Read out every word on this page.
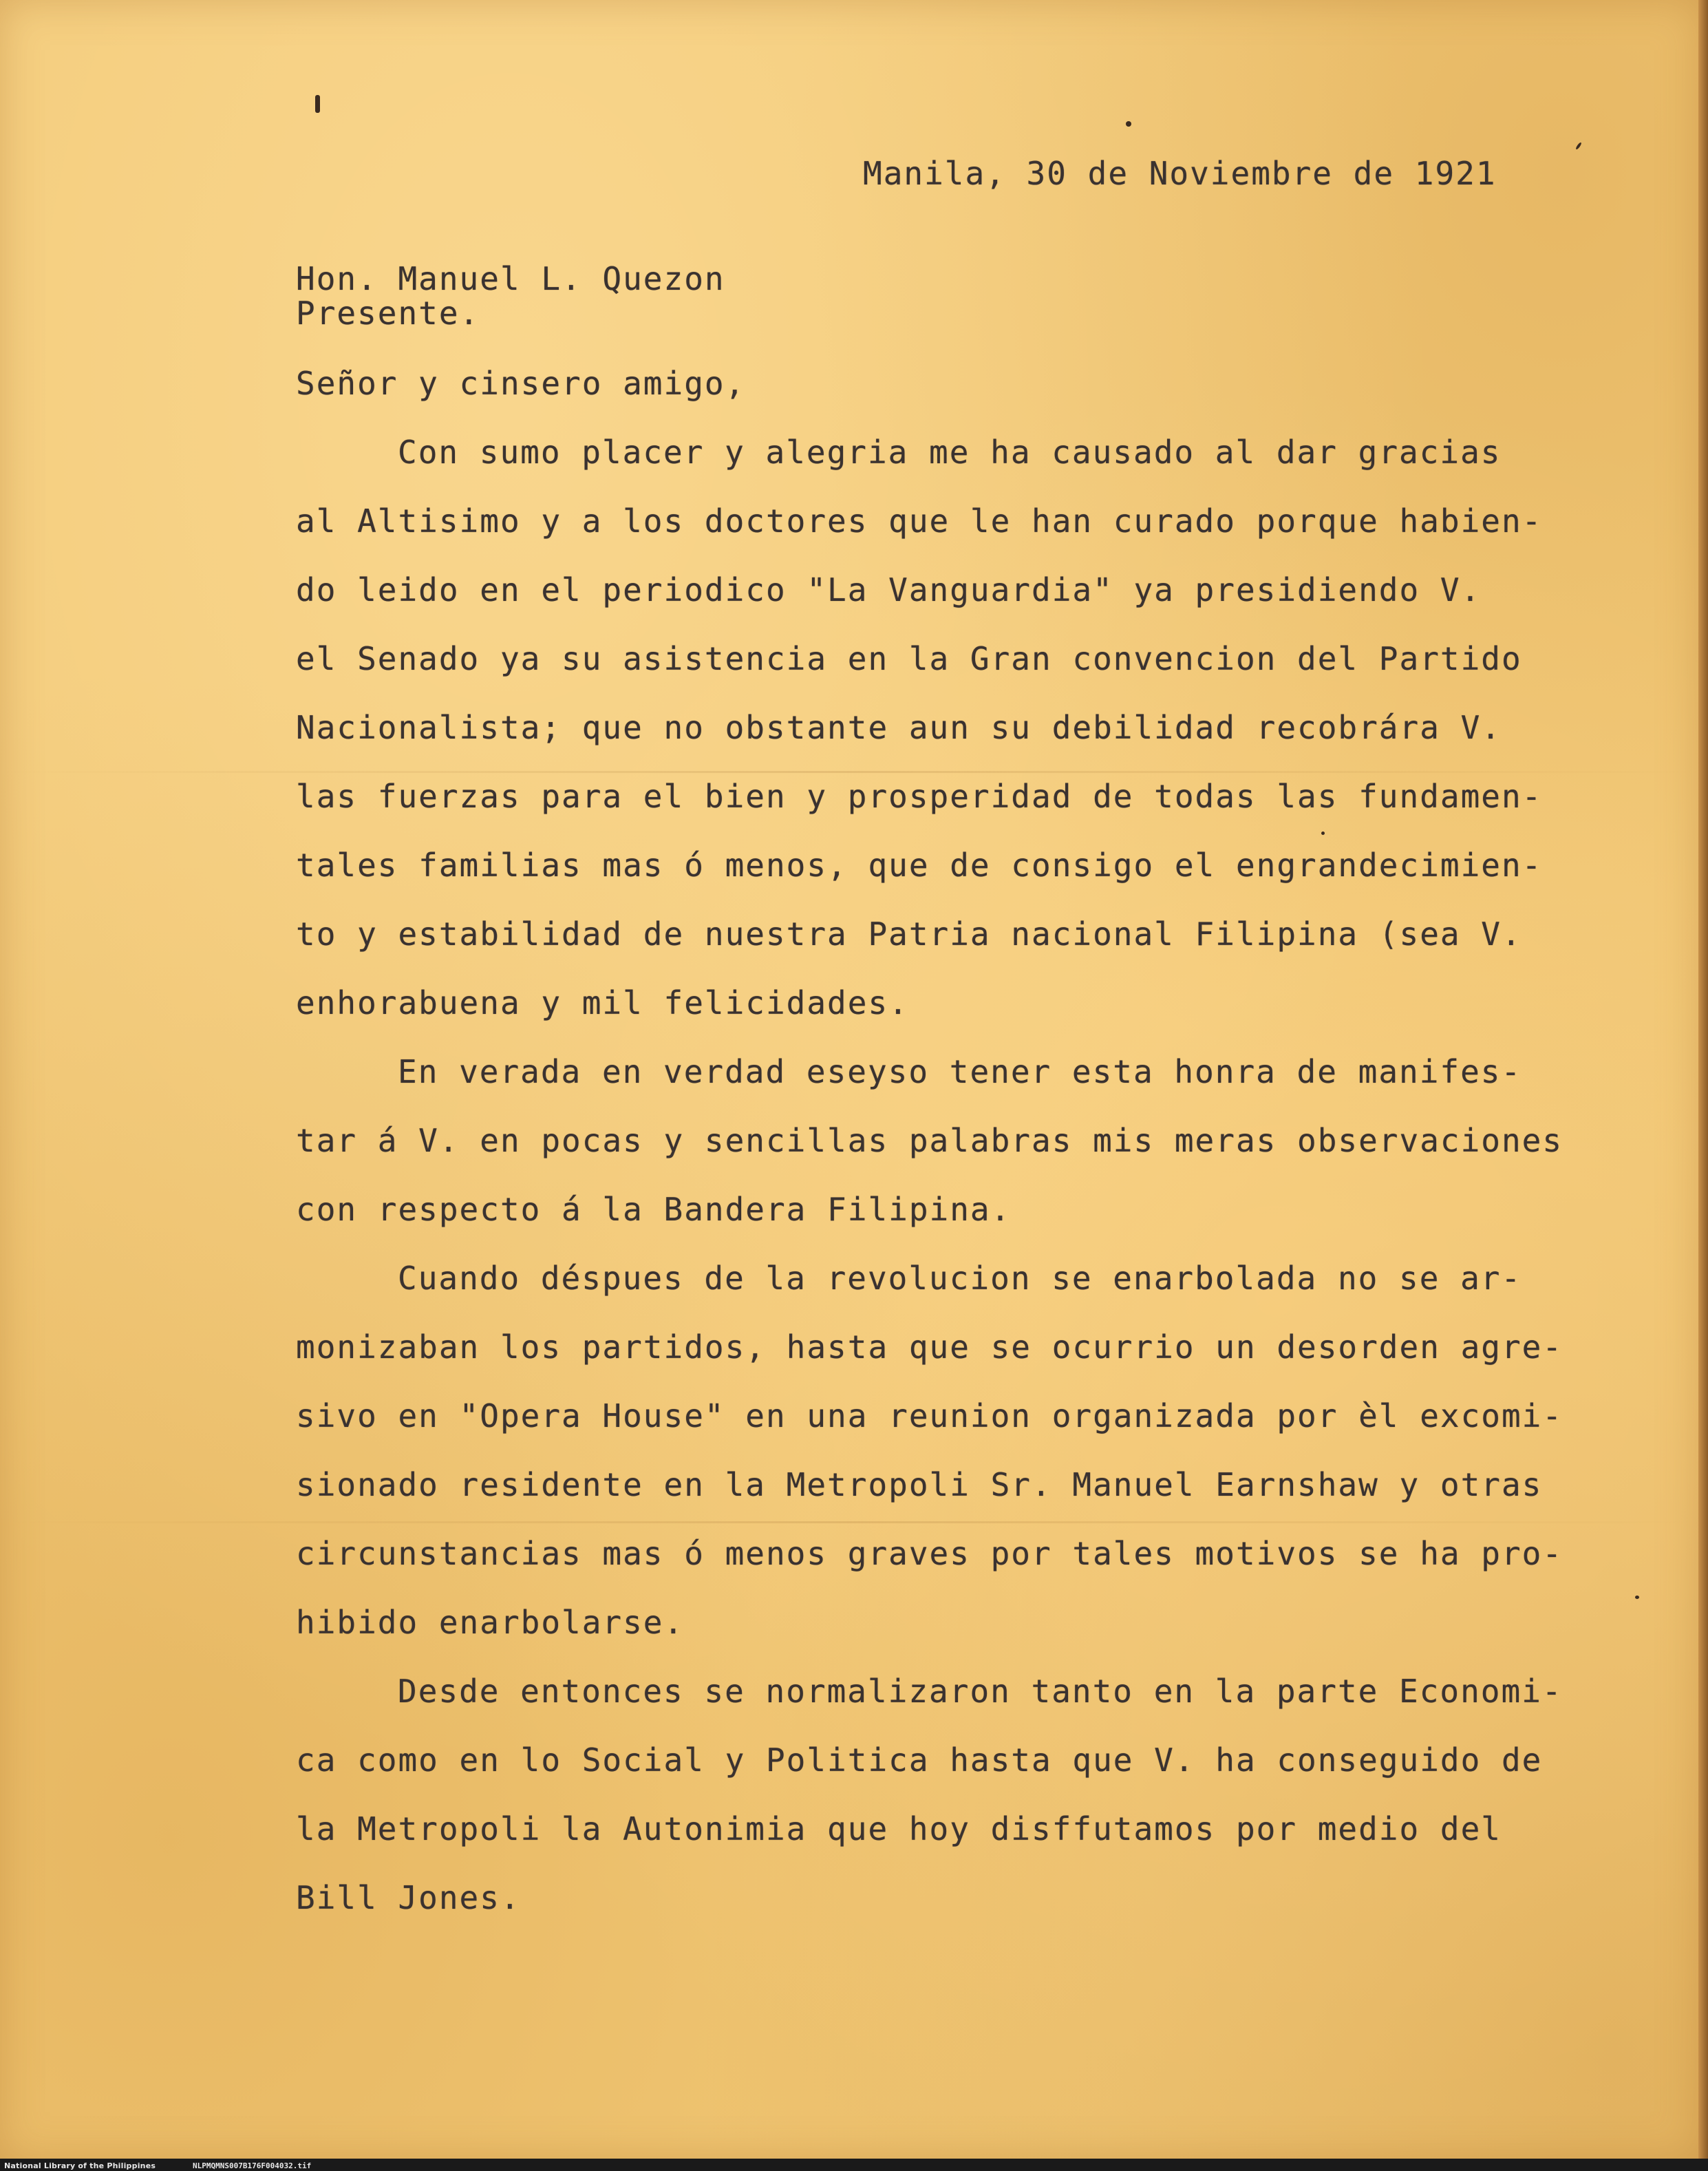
Manila, 30 de Noviembre de 1921
Hon. Manuel L. Quezon
Presente.
Señor y cinsero amigo,
Con sumo placer y alegria me ha causado al dar gracias
al Altisimo y a los doctores que le han curado porque habien-
do leido en el periodico "La Vanguardia" ya presidiendo V.
el Senado ya su asistencia en la Gran convencion del Partido
Nacionalista; que no obstante aun su debilidad recobrára V.
las fuerzas para el bien y prosperidad de todas las fundamen-
tales familias mas ó menos, que de consigo el engrandecimien-
to y estabilidad de nuestra Patria nacional Filipina (sea V.
enhorabuena y mil felicidades.
En verada en verdad eseyso tener esta honra de manifes-
tar á V. en pocas y sencillas palabras mis meras observaciones
con respecto á la Bandera Filipina.
Cuando déspues de la revolucion se enarbolada no se ar-
monizaban los partidos, hasta que se ocurrio un desorden agre-
sivo en "Opera House" en una reunion organizada por èl excomi-
sionado residente en la Metropoli Sr. Manuel Earnshaw y otras
circunstancias mas ó menos graves por tales motivos se ha pro-
hibido enarbolarse.
Desde entonces se normalizaron tanto en la parte Economi-
ca como en lo Social y Politica hasta que V. ha conseguido de
la Metropoli la Autonimia que hoy disffutamos por medio del
Bill Jones.
National Library of the Philippines	NLPMQMNS007B176F004032.tif
